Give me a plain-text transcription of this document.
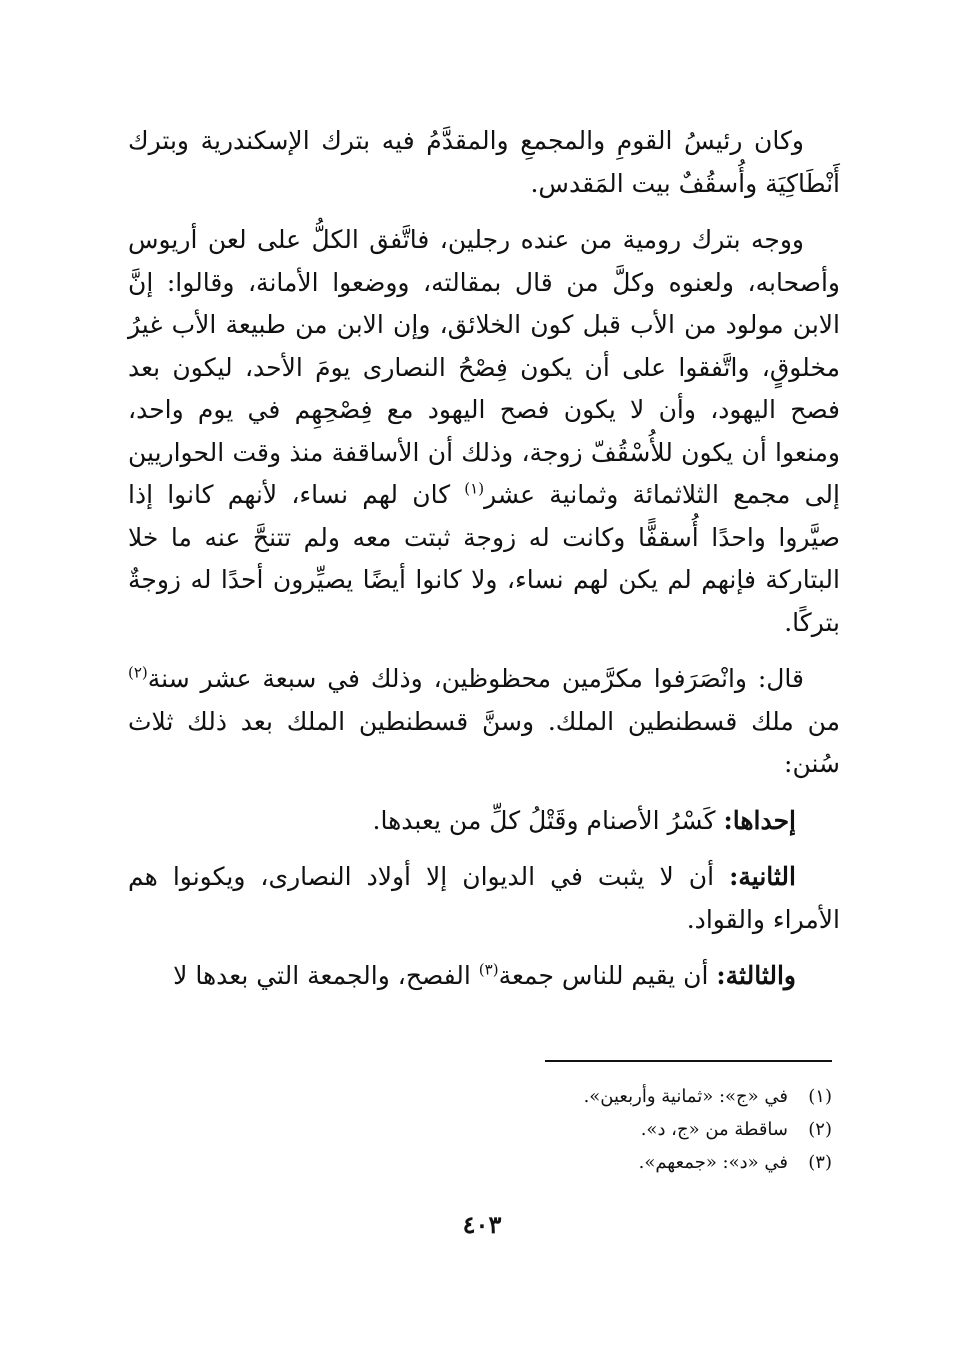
وكان رئيسُ القومِ والمجمعِ والمقدَّمُ فيه بترك الإسكندرية وبترك أَنْطَاكِيَة وأُسقُفٌ بيت المَقدس.

ووجه بترك رومية من عنده رجلين، فاتَّفق الكلُّ على لعن أريوس وأصحابه، ولعنوه وكلَّ من قال بمقالته، ووضعوا الأمانة، وقالوا: إنَّ الابن مولود من الأب قبل كون الخلائق، وإن الابن من طبيعة الأب غيرُ مخلوقٍ، واتَّفقوا على أن يكون فِصْحُ النصارى يومَ الأحد، ليكون بعد فصح اليهود، وأن لا يكون فصح اليهود مع فِصْحِهِم في يوم واحد، ومنعوا أن يكون للأُسْقُفّ زوجة، وذلك أن الأساقفة منذ وقت الحواريين إلى مجمع الثلاثمائة وثمانية عشر$^{(١)}$ كان لهم نساء، لأنهم كانوا إذا صيَّروا واحدًا أُسقفًّا وكانت له زوجة ثبتت معه ولم تتنحَّ عنه ما خلا البتاركة فإنهم لم يكن لهم نساء، ولا كانوا أيضًا يصيِّرون أحدًا له زوجةٌ بتركًا.

قال: وانْصَرَفوا مكرَّمين محظوظين، وذلك في سبعة عشر سنة$^{(٢)}$ من ملك قسطنطين الملك. وسنَّ قسطنطين الملك بعد ذلك ثلاث سُنن:

إحداها: كَسْرُ الأصنام وقَتْلُ كلِّ من يعبدها.

الثانية: أن لا يثبت في الديوان إلا أولاد النصارى، ويكونوا هم الأمراء والقواد.

والثالثة: أن يقيم للناس جمعة$^{(٣)}$ الفصح، والجمعة التي بعدها لا

(١)في «ج»: «ثمانية وأربعين».
(٢)ساقطة من «ج، د».
(٣)في «د»: «جمعهم».
٤٠٣
